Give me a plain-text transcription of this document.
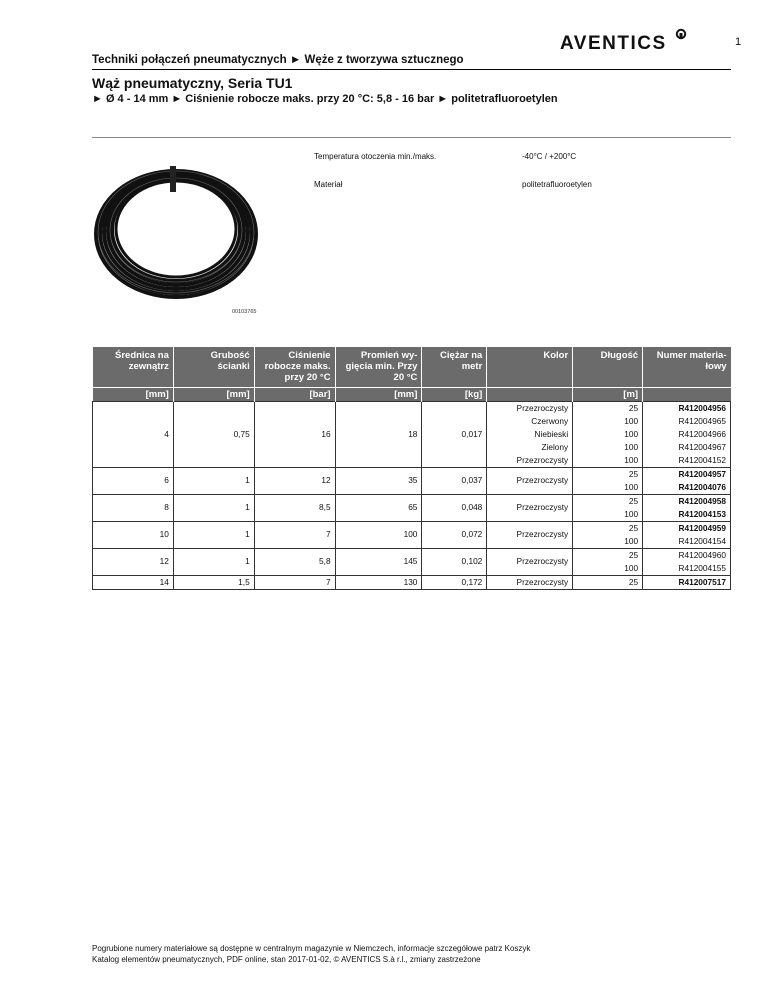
AVENTICS	1
Techniki połączeń pneumatycznych ► Węże z tworzywa sztucznego
Wąż pneumatyczny, Seria TU1
► Ø 4 - 14 mm ► Ciśnienie robocze maks. przy 20 °C: 5,8 - 16 bar ► politetrafluoroetylen
00103765
Temperatura otoczenia min./maks.	-40°C / +200°C
Materiał	politetrafluoroetylen
Średnica na zewnątrz	Grubość ścianki	Ciśnienie robocze maks. przy 20 °C	Promień wy-gięcia min. Przy 20 °C	Ciężar na metr	Kolor	Długość	Numer materia-łowy
[mm]	[mm]	[bar]	[mm]	[kg]		[m]	
4	0,75	16	18	0,017	Przezroczysty	25	R412004956
					Czerwony	100	R412004965
					Niebieski	100	R412004966
					Zielony	100	R412004967
					Przezroczysty	100	R412004152
6	1	12	35	0,037	Przezroczysty	25	R412004957
						100	R412004076
8	1	8,5	65	0,048	Przezroczysty	25	R412004958
						100	R412004153
10	1	7	100	0,072	Przezroczysty	25	R412004959
						100	R412004154
12	1	5,8	145	0,102	Przezroczysty	25	R412004960
						100	R412004155
14	1,5	7	130	0,172	Przezroczysty	25	R412007517
Pogrubione numery materiałowe są dostępne w centralnym magazynie w Niemczech, informacje szczegółowe patrz Koszyk
Katalog elementów pneumatycznych, PDF online, stan 2017-01-02, © AVENTICS S.à r.l., zmiany zastrzeżone
